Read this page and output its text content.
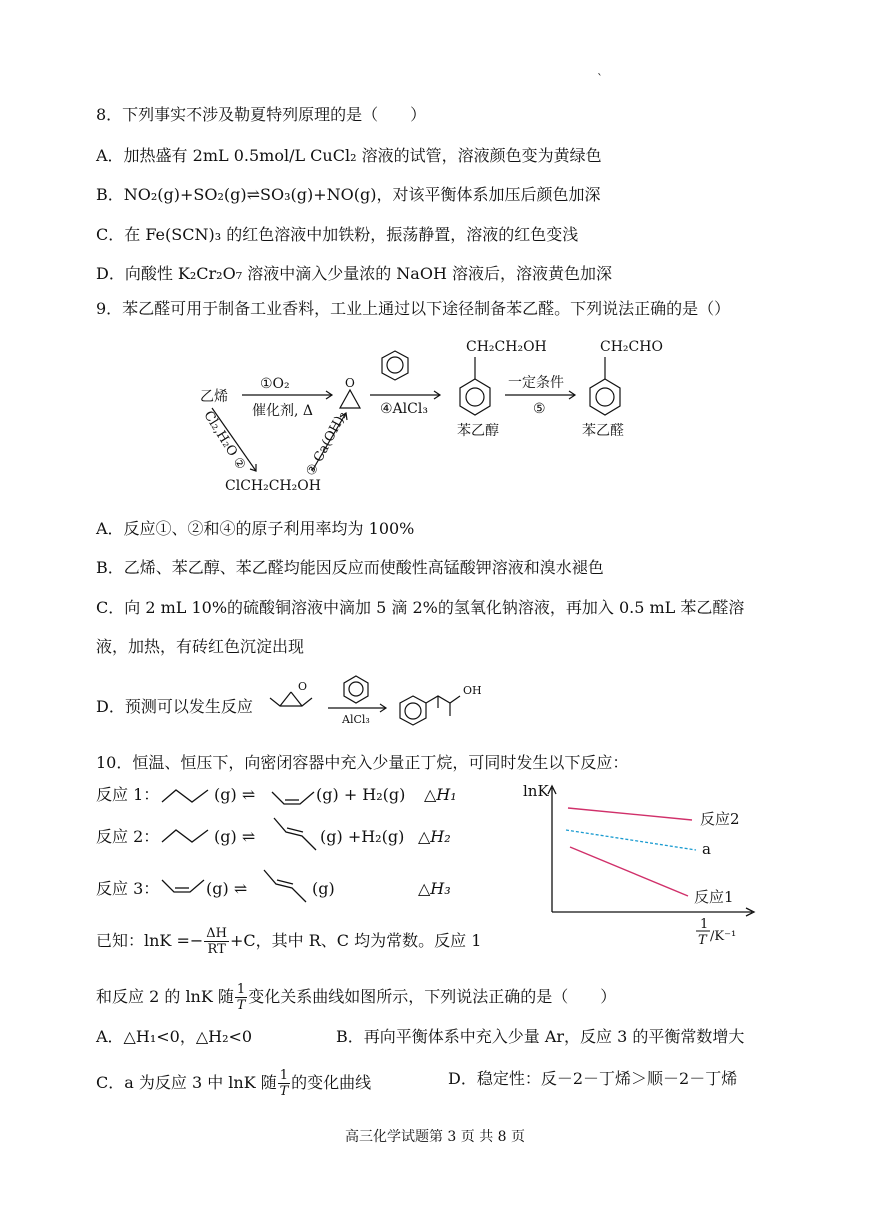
`
8．下列事实不涉及勒夏特列原理的是（　　）
A．加热盛有 2mL 0.5mol/L CuCl₂ 溶液的试管，溶液颜色变为黄绿色
B．NO₂(g)+SO₂(g)⇌SO₃(g)+NO(g)，对该平衡体系加压后颜色加深
C．在 Fe(SCN)₃ 的红色溶液中加铁粉，振荡静置，溶液的红色变浅
D．向酸性 K₂Cr₂O₇ 溶液中滴入少量浓的 NaOH 溶液后，溶液黄色加深
9．苯乙醛可用于制备工业香料，工业上通过以下途径制备苯乙醛。下列说法正确的是（）
乙烯
①O₂
催化剂, Δ	④AlCl₃
一定条件
⑤
ClCH₂CH₂OH
CH₂CH₂OH
苯乙醇
CH₂CHO
苯乙醛
Cl₂,H₂O ②	③ Ca(OH)₂
O
A．反应①、②和④的原子利用率均为 100%
B．乙烯、苯乙醇、苯乙醛均能因反应而使酸性高锰酸钾溶液和溴水褪色
C．向 2 mL 10%的硫酸铜溶液中滴加 5 滴 2%的氢氧化钠溶液，再加入 0.5 mL 苯乙醛溶
液，加热，有砖红色沉淀出现
D．预测可以发生反应
O
AlCl₃
OH
10．恒温、恒压下，向密闭容器中充入少量正丁烷，可同时发生以下反应：
反应 1：	(g) ⇌	(g) + H₂(g) △H₁
反应 2：	(g) ⇌	(g) +H₂(g) △H₂
反应 3：	(g) ⇌	(g)	△H₃
已知：$\ln K =- \frac{\Delta H}{RT} +C$，其中 R、C 均为常数。反应 1
和反应 2 的 lnK 随 $\frac{1}{T}$ 变化关系曲线如图所示，下列说法正确的是（　　）
A．△H₁<0，△H₂<0	B．再向平衡体系中充入少量 Ar，反应 3 的平衡常数增大
C．a 为反应 3 中 lnK 随 $\frac{1}{T}$ 的变化曲线	D．稳定性：反－2－丁烯＞顺－2－丁烯
lnK
反应2
a
反应1
1
T /K⁻¹
高三化学试题第 3 页 共 8 页
